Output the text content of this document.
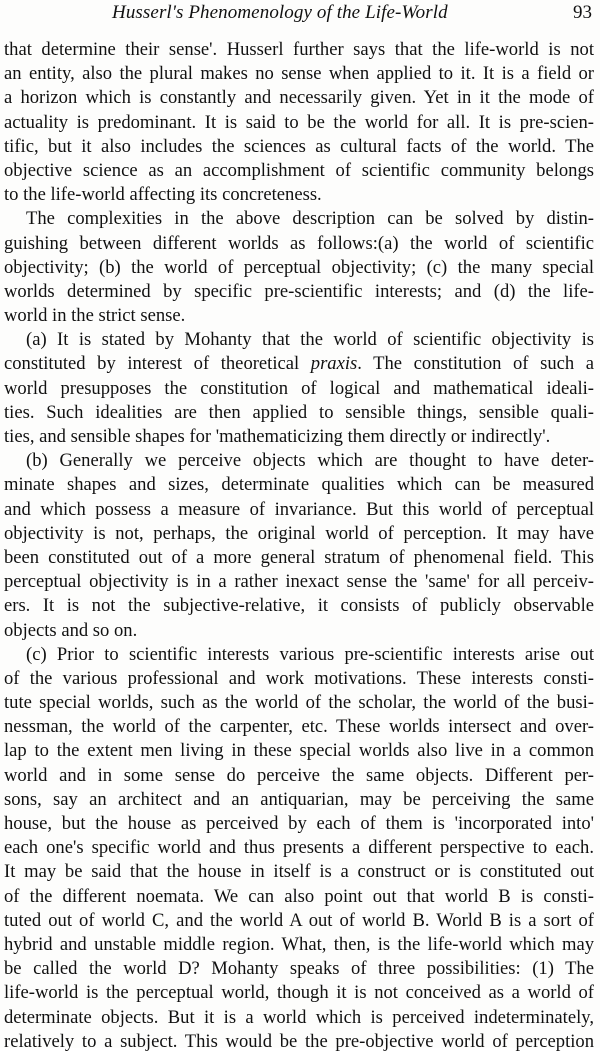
Husserl's Phenomenology of the Life-World	93
that determine their sense'. Husserl further says that the life-world is not
an entity, also the plural makes no sense when applied to it. It is a field or
a horizon which is constantly and necessarily given. Yet in it the mode of
actuality is predominant. It is said to be the world for all. It is pre-scien-
tific, but it also includes the sciences as cultural facts of the world. The
objective science as an accomplishment of scientific community belongs
to the life-world affecting its concreteness.
The complexities in the above description can be solved by distin-
guishing between different worlds as follows:(a) the world of scientific
objectivity; (b) the world of perceptual objectivity; (c) the many special
worlds determined by specific pre-scientific interests; and (d) the life-
world in the strict sense.
(a) It is stated by Mohanty that the world of scientific objectivity is
constituted by interest of theoretical praxis. The constitution of such a
world presupposes the constitution of logical and mathematical ideali-
ties. Such idealities are then applied to sensible things, sensible quali-
ties, and sensible shapes for 'mathematicizing them directly or indirectly'.
(b) Generally we perceive objects which are thought to have deter-
minate shapes and sizes, determinate qualities which can be measured
and which possess a measure of invariance. But this world of perceptual
objectivity is not, perhaps, the original world of perception. It may have
been constituted out of a more general stratum of phenomenal field. This
perceptual objectivity is in a rather inexact sense the 'same' for all perceiv-
ers. It is not the subjective-relative, it consists of publicly observable
objects and so on.
(c) Prior to scientific interests various pre-scientific interests arise out
of the various professional and work motivations. These interests consti-
tute special worlds, such as the world of the scholar, the world of the busi-
nessman, the world of the carpenter, etc. These worlds intersect and over-
lap to the extent men living in these special worlds also live in a common
world and in some sense do perceive the same objects. Different per-
sons, say an architect and an antiquarian, may be perceiving the same
house, but the house as perceived by each of them is 'incorporated into'
each one's specific world and thus presents a different perspective to each.
It may be said that the house in itself is a construct or is constituted out
of the different noemata. We can also point out that world B is consti-
tuted out of world C, and the world A out of world B. World B is a sort of
hybrid and unstable middle region. What, then, is the life-world which may
be called the world D? Mohanty speaks of three possibilities: (1) The
life-world is the perceptual world, though it is not conceived as a world of
determinate objects. But it is a world which is perceived indeterminately,
relatively to a subject. This would be the pre-objective world of perception
